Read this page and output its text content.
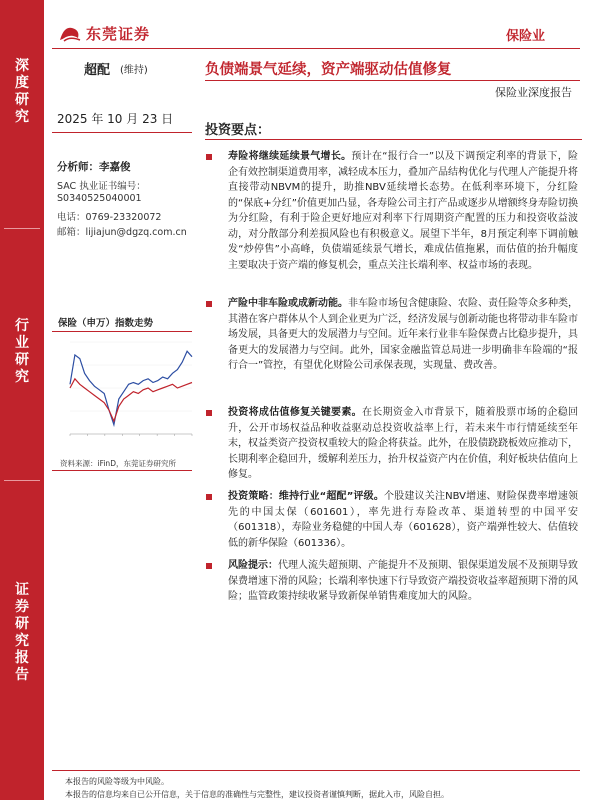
深
度
研
究
行
业
研
究
证
券
研
究
报
告
东莞证券	保险业
超配 (维持)	负债端景气延续，资产端驱动估值修复
保险业深度报告
2025 年 10 月 23 日
分析师：李嘉俊
SAC 执业证书编号：
S0340525040001
电话：0769-23320072
邮箱：lijiajun@dgzq.com.cn
保险（申万）指数走势
资料来源：iFinD，东莞证券研究所
投资要点：
寿险将继续延续景气增长。预计在“报行合一”以及下调预定利率的背景下，险企有效控制渠道费用率，减轻成本压力，叠加产品结构优化与代理人产能提升将直接带动NBVM的提升，助推NBV延续增长态势。在低利率环境下，分红险的“保底+分红”价值更加凸显，各寿险公司主打产品或逐步从增额终身寿险切换为分红险，有利于险企更好地应对利率下行周期资产配置的压力和投资收益波动，对分散部分利差损风险也有积极意义。展望下半年，8月预定利率下调前触发“炒停售”小高峰，负债端延续景气增长，难成估值拖累，而估值的抬升幅度主要取决于资产端的修复机会，重点关注长端利率、权益市场的表现。
产险中非车险或成新动能。非车险市场包含健康险、农险、责任险等众多种类，其潜在客户群体从个人到企业更为广泛，经济发展与创新动能也将带动非车险市场发展，具备更大的发展潜力与空间。近年来行业非车险保费占比稳步提升，具备更大的发展潜力与空间。此外，国家金融监管总局进一步明确非车险端的“报行合一”管控，有望优化财险公司承保表现，实现量、费改善。
投资将成估值修复关键要素。在长期资金入市背景下，随着股票市场的企稳回升，公开市场权益品种收益驱动总投资收益率上行，若未来牛市行情延续至年末，权益类资产投资权重较大的险企将获益。此外，在股债跷跷板效应推动下，长期利率企稳回升，缓解利差压力，抬升权益资产内在价值，利好板块估值向上修复。
投资策略：维持行业“超配”评级。个股建议关注NBV增速、财险保费率增速领先的中国太保（601601），率先进行寿险改革、渠道转型的中国平安（601318），寿险业务稳健的中国人寿（601628），资产端弹性较大、估值较低的新华保险（601336）。
风险提示：代理人流失超预期、产能提升不及预期、银保渠道发展不及预期导致保费增速下滑的风险；长端利率快速下行导致资产端投资收益率超预期下滑的风险；监管政策持续收紧导致新保单销售难度加大的风险。
本报告的风险等级为中风险。
本报告的信息均来自已公开信息，关于信息的准确性与完整性，建议投资者谨慎判断，据此入市，风险自担。
